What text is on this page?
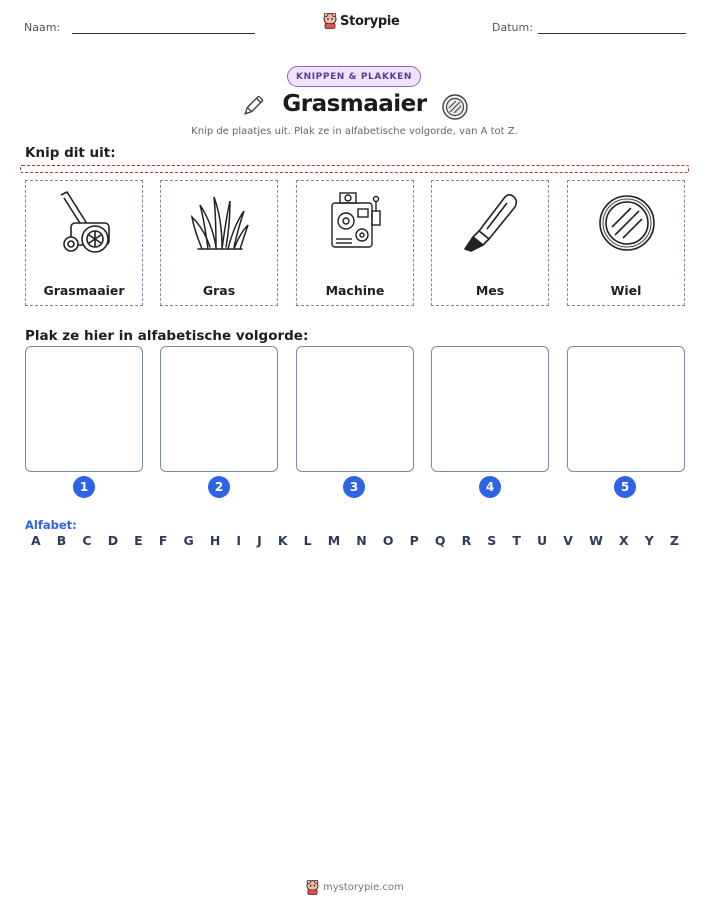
Naam:	Storypie	Datum:
KNIPPEN & PLAKKEN
Grasmaaier
Knip de plaatjes uit. Plak ze in alfabetische volgorde, van A tot Z.
Knip dit uit:
Grasmaaier	Gras	Machine	Mes	Wiel
Plak ze hier in alfabetische volgorde:
1	2	3	4	5
Alfabet:
A B C D E F G H I J K L M N O P Q R S T U V W X Y Z
mystorypie.com
